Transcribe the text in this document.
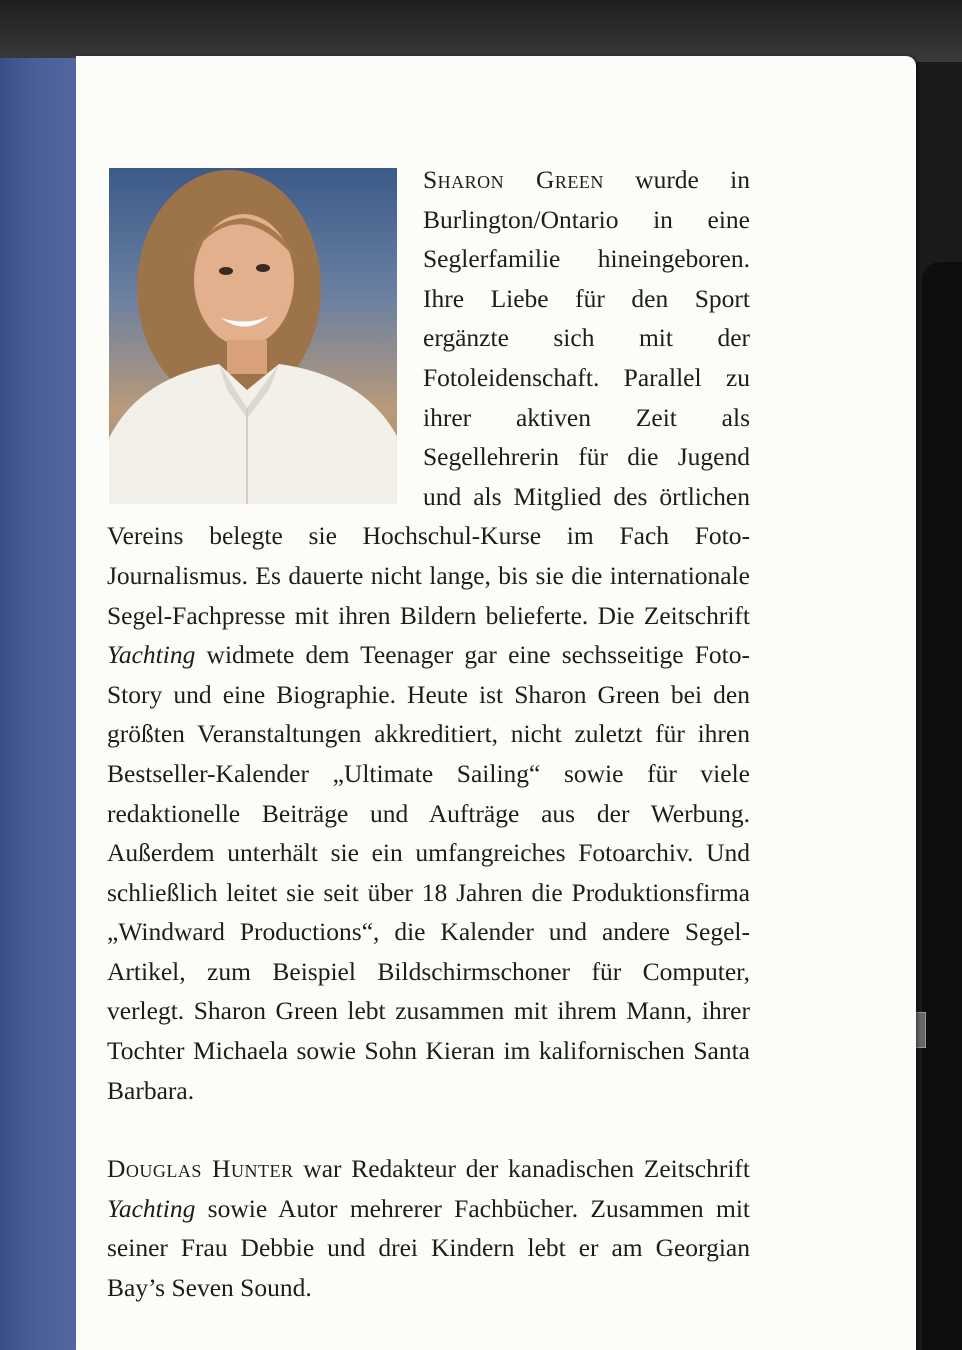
Sharon Green wurde in Burlington/Ontario in eine Seglerfamilie hineingeboren. Ihre Liebe für den Sport ergänzte sich mit der Fotoleidenschaft. Parallel zu ihrer aktiven Zeit als Segellehrerin für die Jugend und als Mitglied des örtlichen Vereins belegte sie Hochschul-Kurse im Fach Foto-Journalismus. Es dauerte nicht lange, bis sie die internationale Segel-Fachpresse mit ihren Bildern belieferte. Die Zeitschrift Yachting widmete dem Teenager gar eine sechsseitige Foto-Story und eine Biographie. Heute ist Sharon Green bei den größten Veranstaltungen akkreditiert, nicht zuletzt für ihren Bestseller-Kalender „Ultimate Sailing“ sowie für viele redaktionelle Beiträge und Aufträge aus der Werbung. Außerdem unterhält sie ein umfangreiches Fotoarchiv. Und schließlich leitet sie seit über 18 Jahren die Produktionsfirma „Windward Productions“, die Kalender und andere Segel-Artikel, zum Beispiel Bildschirmschoner für Computer, verlegt. Sharon Green lebt zusammen mit ihrem Mann, ihrer Tochter Michaela sowie Sohn Kieran im kalifornischen Santa Barbara.

Douglas Hunter war Redakteur der kanadischen Zeitschrift Yachting sowie Autor mehrerer Fachbücher. Zusammen mit seiner Frau Debbie und drei Kindern lebt er am Georgian Bay’s Seven Sound.
